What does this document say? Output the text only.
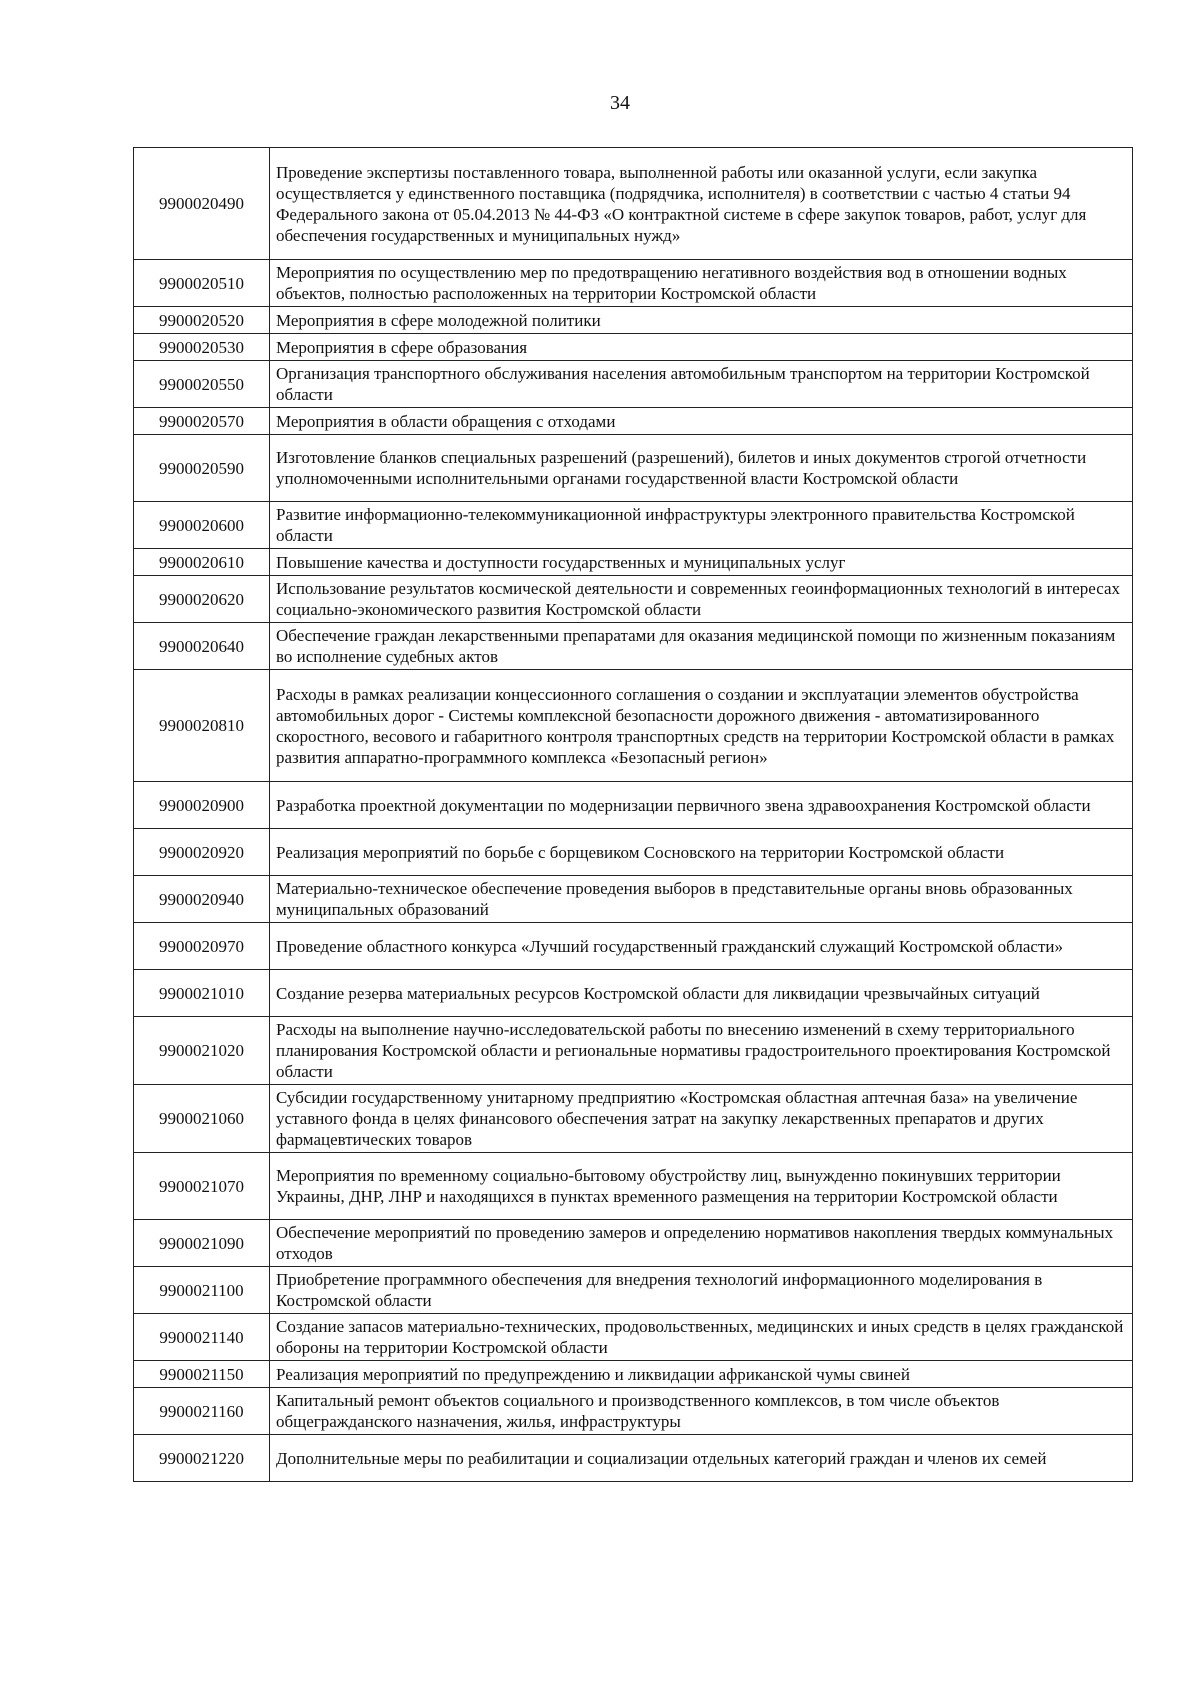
34
9900020490	Проведение экспертизы поставленного товара, выполненной работы или оказанной услуги, если закупка осуществляется у единственного поставщика (подрядчика, исполнителя) в соответствии с частью 4 статьи 94 Федерального закона от 05.04.2013 № 44-ФЗ «О контрактной системе в сфере закупок товаров, работ, услуг для обеспечения государственных и муниципальных нужд»
9900020510	Мероприятия по осуществлению мер по предотвращению негативного воздействия вод в отношении водных объектов, полностью расположенных на территории Костромской области
9900020520	Мероприятия в сфере молодежной политики
9900020530	Мероприятия в сфере образования
9900020550	Организация транспортного обслуживания населения автомобильным транспортом на территории Костромской области
9900020570	Мероприятия в области обращения с отходами
9900020590	Изготовление бланков специальных разрешений (разрешений), билетов и иных документов строгой отчетности уполномоченными исполнительными органами государственной власти Костромской области
9900020600	Развитие информационно-телекоммуникационной инфраструктуры электронного правительства Костромской области
9900020610	Повышение качества и доступности государственных и муниципальных услуг
9900020620	Использование результатов космической деятельности и современных геоинформационных технологий в интересах социально-экономического развития Костромской области
9900020640	Обеспечение граждан лекарственными препаратами для оказания медицинской помощи по жизненным показаниям во исполнение судебных актов
9900020810	Расходы в рамках реализации концессионного соглашения о создании и эксплуатации элементов обустройства автомобильных дорог - Системы комплексной безопасности дорожного движения - автоматизированного скоростного, весового и габаритного контроля транспортных средств на территории Костромской области в рамках развития аппаратно-программного комплекса «Безопасный регион»
9900020900	Разработка проектной документации по модернизации первичного звена здравоохранения Костромской области
9900020920	Реализация мероприятий по борьбе с борщевиком Сосновского на территории Костромской области
9900020940	Материально-техническое обеспечение проведения выборов в представительные органы вновь образованных муниципальных образований
9900020970	Проведение областного конкурса «Лучший государственный гражданский служащий Костромской области»
9900021010	Создание резерва материальных ресурсов Костромской области для ликвидации чрезвычайных ситуаций
9900021020	Расходы на выполнение научно-исследовательской работы по внесению изменений в схему территориального планирования Костромской области и региональные нормативы градостроительного проектирования Костромской области
9900021060	Субсидии государственному унитарному предприятию «Костромская областная аптечная база» на увеличение уставного фонда в целях финансового обеспечения затрат на закупку лекарственных препаратов и других фармацевтических товаров
9900021070	Мероприятия по временному социально-бытовому обустройству лиц, вынужденно покинувших территории Украины, ДНР, ЛНР и находящихся в пунктах временного размещения на территории Костромской области
9900021090	Обеспечение мероприятий по проведению замеров и определению нормативов накопления твердых коммунальных отходов
9900021100	Приобретение программного обеспечения для внедрения технологий информационного моделирования в Костромской области
9900021140	Создание запасов материально-технических, продовольственных, медицинских и иных средств в целях гражданской обороны на территории Костромской области
9900021150	Реализация мероприятий по предупреждению и ликвидации африканской чумы свиней
9900021160	Капитальный ремонт объектов социального и производственного комплексов, в том числе объектов общегражданского назначения, жилья, инфраструктуры
9900021220	Дополнительные меры по реабилитации и социализации отдельных категорий граждан и членов их семей
